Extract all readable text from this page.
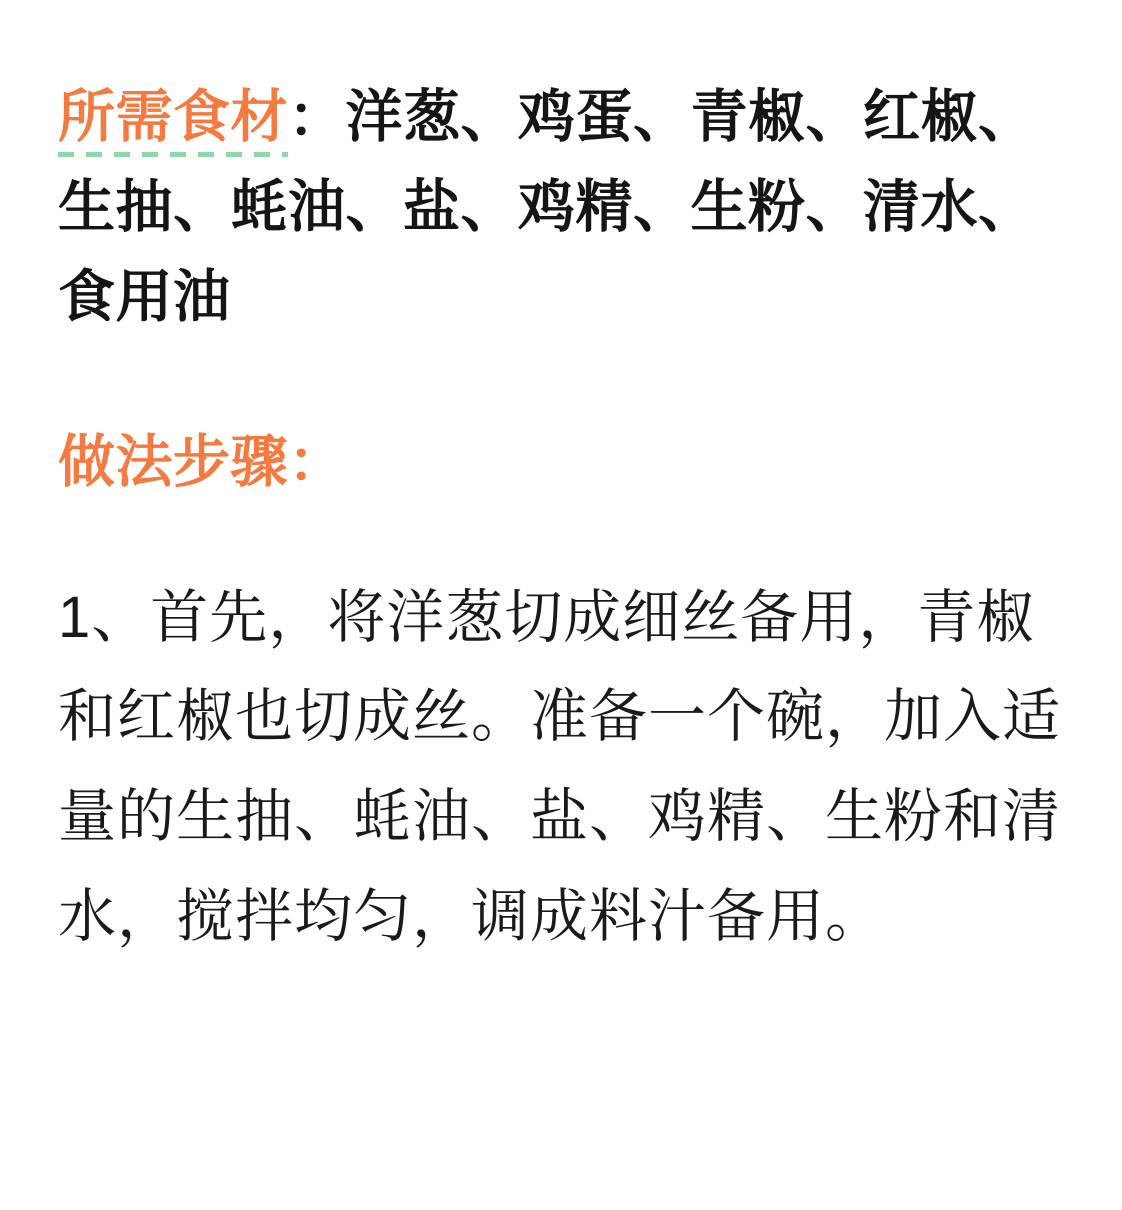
所需食材：洋葱、鸡蛋、青椒、红椒、生抽、蚝油、盐、鸡精、生粉、清水、食用油

做法步骤：

1、首先，将洋葱切成细丝备用，青椒和红椒也切成丝。准备一个碗，加入适量的生抽、蚝油、盐、鸡精、生粉和清水，搅拌均匀，调成料汁备用。
